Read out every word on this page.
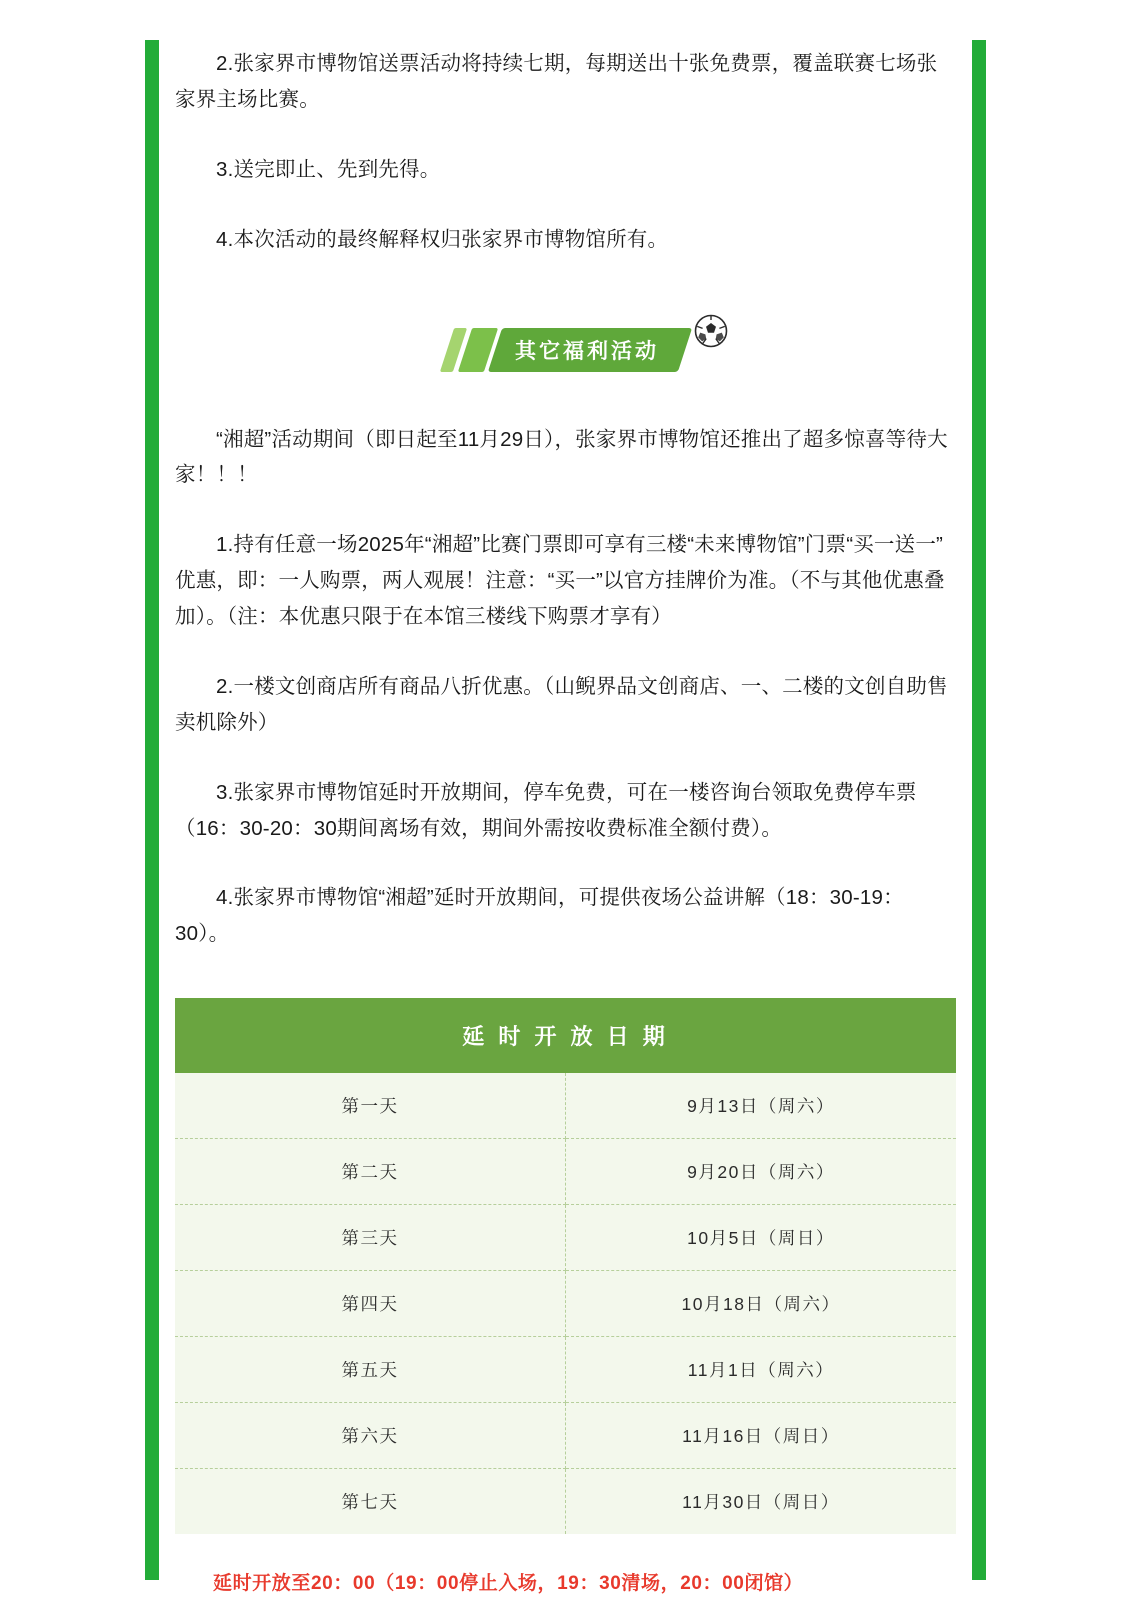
2.张家界市博物馆送票活动将持续七期，每期送出十张免费票，覆盖联赛七场张家界主场比赛。

3.送完即止、先到先得。

4.本次活动的最终解释权归张家界市博物馆所有。

其它福利活动

“湘超”活动期间（即日起至11月29日），张家界市博物馆还推出了超多惊喜等待大家！！！

1.持有任意一场2025年“湘超”比赛门票即可享有三楼“未来博物馆”门票“买一送一”优惠，即：一人购票，两人观展！注意：“买一”以官方挂牌价为准。（不与其他优惠叠加）。（注：本优惠只限于在本馆三楼线下购票才享有）

2.一楼文创商店所有商品八折优惠。（山鲵界品文创商店、一、二楼的文创自助售卖机除外）

3.张家界市博物馆延时开放期间，停车免费，可在一楼咨询台领取免费停车票（16：30-20：30期间离场有效，期间外需按收费标准全额付费）。

4.张家界市博物馆“湘超”延时开放期间，可提供夜场公益讲解（18：30-19：30）。

延 时 开 放 日 期	
第一天	9月13日（周六）
第二天	9月20日（周六）
第三天	10月5日（周日）
第四天	10月18日（周六）
第五天	11月1日（周六）
第六天	11月16日（周日）
第七天	11月30日（周日）
延时开放至20：00（19：00停止入场，19：30清场，20：00闭馆）
